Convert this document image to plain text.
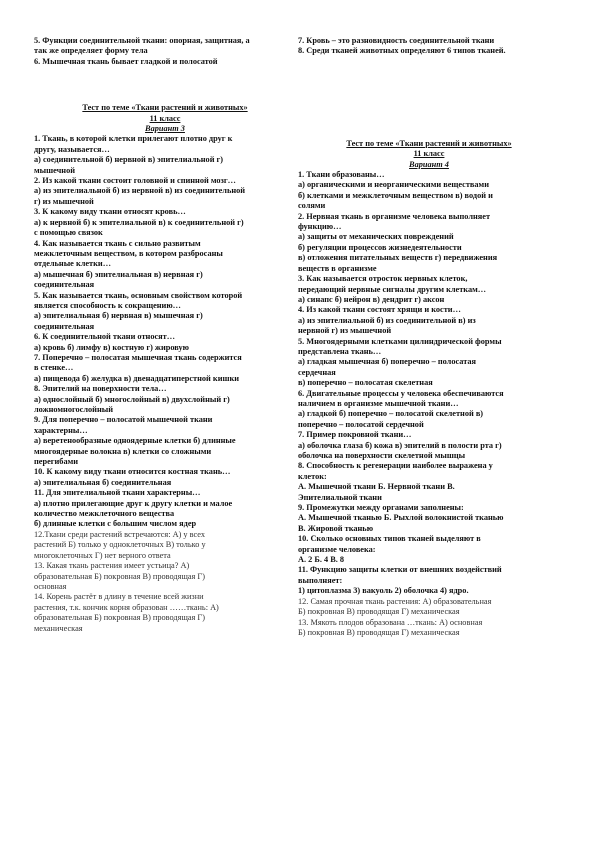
5. Функции соединительной ткани: опорная, защитная, а
так же определяет форму тела
6. Мышечная ткань бывает гладкой и полосатой
Тест по теме «Ткани растений и животных»
11 класс
Вариант 3
1. Ткань, в которой клетки прилегают плотно друг к
другу, называется…
а) соединительной б) нервной в) эпителиальной г)
мышечной
2. Из какой ткани состоит головной и спинной мозг…
а) из эпителиальной б) из нервной в) из соединительной
г) из мышечной
3. К какому виду ткани относят кровь…
а) к нервной б) к эпителиальной в) к соединительной г)
с помощью связок
4. Как называется ткань с сильно развитым
межклеточным веществом, в котором разбросаны
отдельные клетки…
а) мышечная б) эпителиальная в) нервная г)
соединительная
5. Как называется ткань, основным свойством которой
является способность к сокращению…
а) эпителиальная б) нервная в) мышечная г)
соединительная
6. К соединительной ткани относят…
а) кровь б) лимфу в) костную г) жировую
7. Поперечно – полосатая мышечная ткань содержится
в стенке…
а) пищевода б) желудка в) двенадцатиперстной кишки
8. Эпителий на поверхности тела…
а) однослойный б) многослойный в) двухслойный г)
ложномногослойный
9. Для поперечно – полосатой мышечной ткани
характерны…
а) веретенообразные одноядерные клетки б) длинные
многоядерные волокна в) клетки со сложными
перегибами
10. К какому виду ткани относится костная ткань…
а) эпителиальная б) соединительная
11. Для эпителиальной ткани характерны…
а) плотно прилегающие друг к другу клетки и малое
количество межклеточного вещества
б) длинные клетки с большим числом ядер
12.Ткани среди растений встречаются: А) у всех
растений Б) только у одноклеточных В) только у
многоклеточных Г) нет верного ответа
13. Какая ткань растения имеет устьица? А)
образовательная Б) покровная В) проводящая Г)
основная
14. Корень растёт в длину в течение всей жизни
растения, т.к. кончик корня образован ……ткань: А)
образовательная Б) покровная В) проводящая Г)
механическая
7. Кровь – это разновидность соединительной ткани
8. Среди тканей животных определяют 6 типов тканей.
Тест по теме «Ткани растений и животных»
11 класс
Вариант 4
1. Ткани образованы…
а) органическими и неорганическими веществами
б) клетками и межклеточным веществом в) водой и
солями
2. Нервная ткань в организме человека выполняет
функцию…
а) защиты от механических повреждений
б) регуляции процессов жизнедеятельности
в) отложения питательных веществ г) передвижения
веществ в организме
3. Как называется отросток нервных клеток,
передающий нервные сигналы другим клеткам…
а) синапс б) нейрон в) дендрит г) аксон
4. Из какой ткани состоят хрящи и кости…
а) из эпителиальной б) из соединительной в) из
нервной г) из мышечной
5. Многоядерными клетками цилиндрической формы
представлена ткань…
а) гладкая мышечная б) поперечно – полосатая
сердечная
в) поперечно – полосатая скелетная
6. Двигательные процессы у человека обеспечиваются
наличием в организме мышечной ткани…
а) гладкой б) поперечно – полосатой скелетной в)
поперечно – полосатой сердечной
7. Пример покровной ткани…
а) оболочка глаза б) кожа в) эпителий в полости рта г)
оболочка на поверхности скелетной мышцы
8. Способность к регенерации наиболее выражена у
клеток:
А. Мышечной ткани Б. Нервной ткани В.
Эпителиальной ткани
9. Промежутки между органами заполнены:
А. Мышечной тканью Б. Рыхлой волокнистой тканью
В. Жировой тканью
10. Сколько основных типов тканей выделяют в
организме человека:
А. 2 Б. 4 В. 8
11. Функцию защиты клетки от внешних воздействий
выполняет:
1) цитоплазма 3) вакуоль 2) оболочка 4) ядро.
12. Самая прочная ткань растения: А) образовательная
Б) покровная В) проводящая Г) механическая
13. Мякоть плодов образована …ткань: А) основная
Б) покровная В) проводящая Г) механическая
